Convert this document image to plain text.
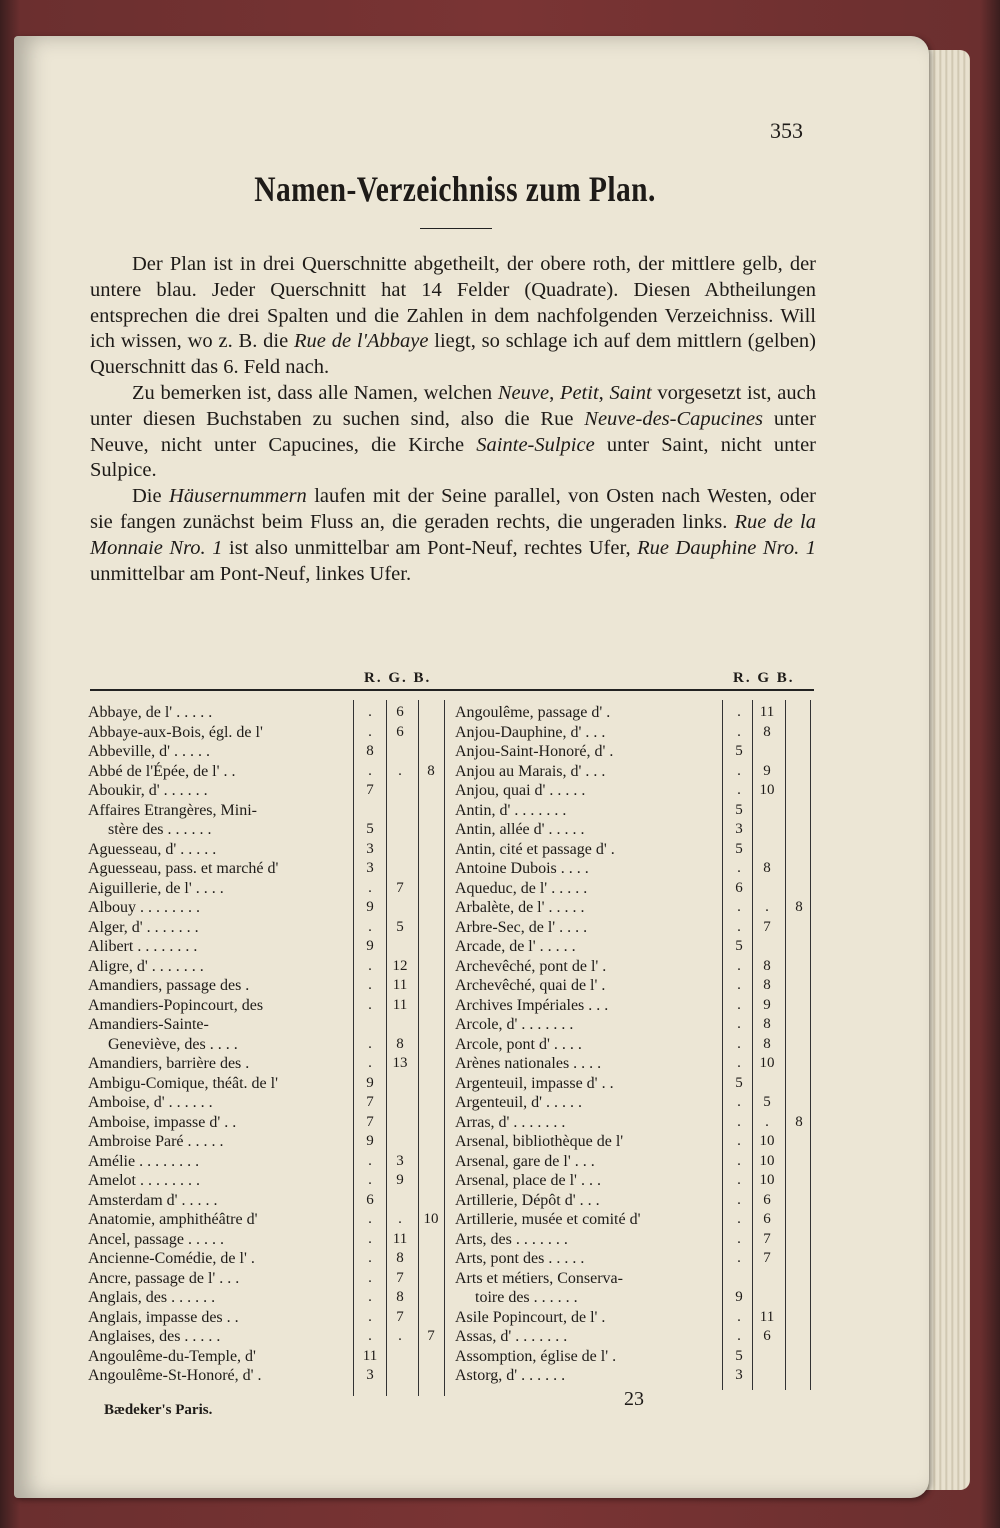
353
Namen-Verzeichniss zum Plan.

Der Plan ist in drei Querschnitte abgetheilt, der obere roth, der mittlere gelb, der untere blau. Jeder Querschnitt hat 14 Felder (Quadrate). Diesen Abtheilungen entsprechen die drei Spalten und die Zahlen in dem nachfolgenden Verzeichniss. Will ich wissen, wo z. B. die Rue de l'Abbaye liegt, so schlage ich auf dem mittlern (gelben) Querschnitt das 6. Feld nach.

Zu bemerken ist, dass alle Namen, welchen Neuve, Petit, Saint vorgesetzt ist, auch unter diesen Buchstaben zu suchen sind, also die Rue Neuve-des-Capucines unter Neuve, nicht unter Capucines, die Kirche Sainte-Sulpice unter Saint, nicht unter Sulpice.

Die Häusernummern laufen mit der Seine parallel, von Osten nach Westen, oder sie fangen zunächst beim Fluss an, die geraden rechts, die ungeraden links. Rue de la Monnaie Nro. 1 ist also unmittelbar am Pont-Neuf, rechtes Ufer, Rue Dauphine Nro. 1 unmittelbar am Pont-Neuf, linkes Ufer.

R. G. B.	R. G B.
Abbaye, de l' . . . . .	.	6
Abbaye-aux-Bois, égl. de l'	.	6
Abbeville, d' . . . . .	8
Abbé de l'Épée, de l' . .	.	.	8
Aboukir, d' . . . . . .	7
Affaires Etrangères, Mini-
stère des . . . . . .	5
Aguesseau, d' . . . . .	3
Aguesseau, pass. et marché d'	3
Aiguillerie, de l' . . . .	.	7
Albouy . . . . . . . .	9
Alger, d' . . . . . . .	.	5
Alibert . . . . . . . .	9
Aligre, d' . . . . . . .	.	12
Amandiers, passage des .	.	11
Amandiers-Popincourt, des	.	11
Amandiers-Sainte-
Geneviève, des . . . .	.	8
Amandiers, barrière des .	.	13
Ambigu-Comique, théât. de l'	9
Amboise, d' . . . . . .	7
Amboise, impasse d' . .	7
Ambroise Paré . . . . .	9
Amélie . . . . . . . .	.	3
Amelot . . . . . . . .	.	9
Amsterdam d' . . . . .	6
Anatomie, amphithéâtre d'	.	.	10
Ancel, passage . . . . .	.	11
Ancienne-Comédie, de l' .	.	8
Ancre, passage de l' . . .	.	7
Anglais, des . . . . . .	.	8
Anglais, impasse des . .	.	7
Anglaises, des . . . . .	.	.	7
Angoulême-du-Temple, d'	11
Angoulême-St-Honoré, d' .	3
Angoulême, passage d' .	.	11
Anjou-Dauphine, d' . . .	.	8
Anjou-Saint-Honoré, d' .	5
Anjou au Marais, d' . . .	.	9
Anjou, quai d' . . . . .	.	10
Antin, d' . . . . . . .	5
Antin, allée d' . . . . .	3
Antin, cité et passage d' .	5
Antoine Dubois . . . .	.	8
Aqueduc, de l' . . . . .	6
Arbalète, de l' . . . . .	.	.	8
Arbre-Sec, de l' . . . .	.	7
Arcade, de l' . . . . .	5
Archevêché, pont de l' .	.	8
Archevêché, quai de l' .	.	8
Archives Impériales . . .	.	9
Arcole, d' . . . . . . .	.	8
Arcole, pont d' . . . .	.	8
Arènes nationales . . . .	.	10
Argenteuil, impasse d' . .	5
Argenteuil, d' . . . . .	.	5
Arras, d' . . . . . . .	.	.	8
Arsenal, bibliothèque de l'	.	10
Arsenal, gare de l' . . .	.	10
Arsenal, place de l' . . .	.	10
Artillerie, Dépôt d' . . .	.	6
Artillerie, musée et comité d'	.	6
Arts, des . . . . . . .	.	7
Arts, pont des . . . . .	.	7
Arts et métiers, Conserva-
toire des . . . . . .	9
Asile Popincourt, de l' .	.	11
Assas, d' . . . . . . .	.	6
Assomption, église de l' .	5
Astorg, d' . . . . . .	3
Bædeker's Paris.	23
